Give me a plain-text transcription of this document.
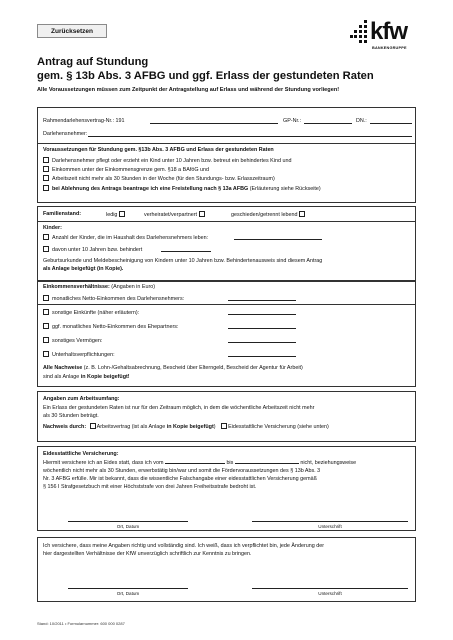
Zurücksetzen	kfw
BANKENGRUPPE
Antrag auf Stundung
gem. § 13b Abs. 3 AFBG und ggf. Erlass der gestundeten Raten
Alle Voraussetzungen müssen zum Zeitpunkt der Antragstellung auf Erlass und während der Stundung vorliegen!
Rahmendarlehensvertrag-Nr.: 191	GP-Nr.:	DN.:
Darlehensnehmer:
Voraussetzungen für Stundung gem. §13b Abs. 3 AFBG und Erlass der gestundeten Raten
Darlehensnehmer pflegt oder erzieht ein Kind unter 10 Jahren bzw. betreut ein behindertes Kind und
Einkommen unter der Einkommensgrenze gem. §18 a BAföG und
Arbeitszeit nicht mehr als 30 Stunden in der Woche (für den Stundungs- bzw. Erlasszeitraum)
bei Ablehnung des Antrags beantrage ich eine Freistellung nach § 13a AFBG (Erläuterung siehe Rückseite)
Familienstand:	ledig	verheiratet/verpartnert	geschieden/getrennt lebend
Kinder:
Anzahl der Kinder, die im Haushalt des Darlehensnehmers leben:
davon unter 10 Jahren bzw. behindert
Geburtsurkunde und Meldebescheinigung von Kindern unter 10 Jahren bzw. Behindertenausweis sind diesem Antrag
als Anlage beigefügt (in Kopie).
Einkommensverhältnisse: (Angaben in Euro)
monatliches Netto-Einkommen des Darlehensnehmers:
sonstige Einkünfte (näher erläutern):
ggf. monatliches Netto-Einkommen des Ehepartners:
sonstiges Vermögen:
Unterhaltsverpflichtungen:
Alle Nachweise (z. B. Lohn-/Gehaltsabrechnung, Bescheid über Elterngeld, Bescheid der Agentur für Arbeit)
sind als Anlage in Kopie beigefügt!
Angaben zum Arbeitsumfang:
Ein Erlass der gestundeten Raten ist nur für den Zeitraum möglich, in dem die wöchentliche Arbeitszeit nicht mehr
als 30 Stunden beträgt.
Nachweis durch: Arbeitsvertrag (ist als Anlage in Kopie beigefügt) Eidesstattliche Versicherung (siehe unten)
Eidesstattliche Versicherung:
Hiermit versichere ich an Eides statt, dass ich vom	bis	nicht, beziehungsweise
wöchentlich nicht mehr als 30 Stunden, erwerbstätig bin/war und somit die Fördervoraussetzungen des § 13b Abs. 3
Nr. 3 AFBG erfülle. Mir ist bekannt, dass die wissentliche Falschangabe einer eidesstattlichen Versicherung gemäß
§ 156 I Strafgesetzbuch mit einer Höchststrafe von drei Jahren Freiheitsstrafe bedroht ist.
Ort, Datum	Unterschrift
Ich versichere, dass meine Angaben richtig und vollständig sind. Ich weiß, dass ich verpflichtet bin, jede Änderung der
hier dargestellten Verhältnisse der KfW unverzüglich schriftlich zur Kenntnis zu bringen.
Ort, Datum	Unterschrift
Stand: 10/2011 • Formularnummer: 600 000 0287
